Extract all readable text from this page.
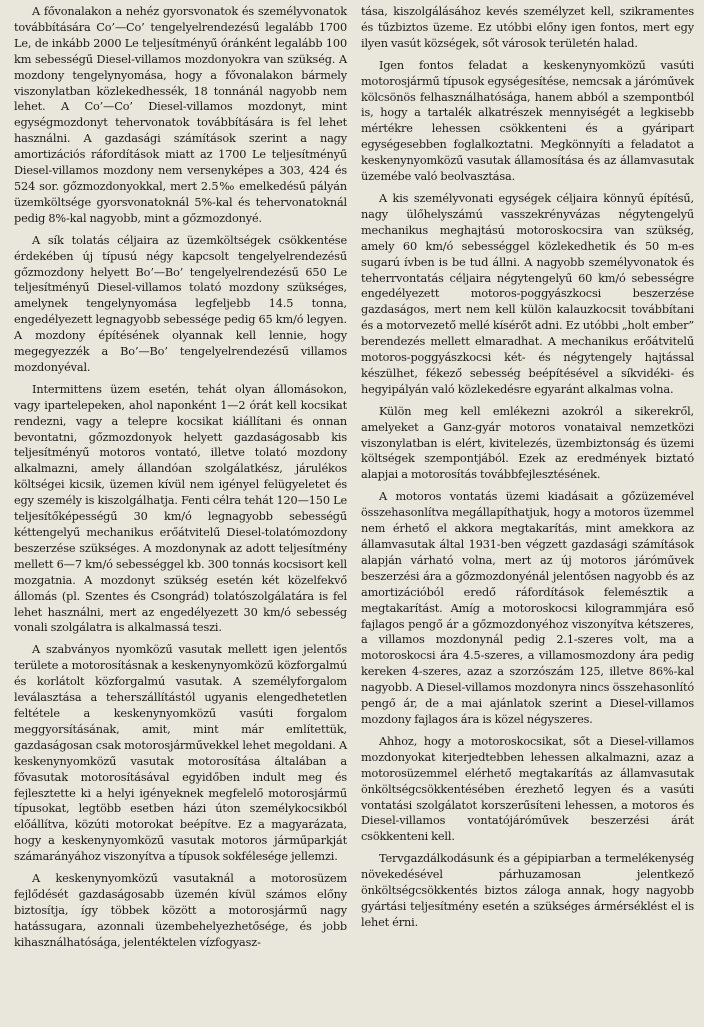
A fővonalakon a nehéz gyorsvonatok és személyvonatok továbbítására Co’—Co’ tengelyelrendezésű legalább 1700 Le, de inkább 2000 Le teljesítményű óránként legalább 100 km sebességű Diesel-villamos mozdonyokra van szükség. A mozdony tengelynyomása, hogy a fővonalakon bármely viszonylatban közlekedhessék, 18 tonnánál nagyobb nem lehet. A Co’—Co’ Diesel-villamos mozdonyt, mint egységmozdonyt tehervonatok továbbítására is fel lehet használni. A gazdasági számítások szerint a nagy amortizációs ráfordítások miatt az 1700 Le teljesítményű Diesel-villamos mozdony nem versenyképes a 303, 424 és 524 sor. gőzmozdonyokkal, mert 2.5‰ emelkedésű pályán üzemköltsége gyorsvonatoknál 5%-kal és tehervonatoknál pedig 8%-kal nagyobb, mint a gőzmozdonyé.

A sík tolatás céljaira az üzemköltségek csökkentése érdekében új típusú négy kapcsolt tengelyelrendezésű gőzmozdony helyett Bo’—Bo’ tengelyelrendezésű 650 Le teljesítményű Diesel-villamos tolató mozdony szükséges, amelynek tengelynyomása legfeljebb 14.5 tonna, engedélyezett legnagyobb sebessége pedig 65 km/ó legyen. A mozdony építésének olyannak kell lennie, hogy megegyezzék a Bo’—Bo’ tengelyelrendezésű villamos mozdonyéval.

Intermittens üzem esetén, tehát olyan állomásokon, vagy ipartelepeken, ahol naponként 1—2 órát kell kocsikat rendezni, vagy a telepre kocsikat kiállítani és onnan bevontatni, gőzmozdonyok helyett gazdaságosabb kis teljesítményű motoros vontató, illetve tolató mozdony alkalmazni, amely állandóan szolgálatkész, járulékos költségei kicsik, üzemen kívül nem igényel felügyeletet és egy személy is kiszolgálhatja. Fenti célra tehát 120—150 Le teljesítőképességű 30 km/ó legnagyobb sebességű kéttengelyű mechanikus erőátvitelű Diesel-tolatómozdony beszerzése szükséges. A mozdonynak az adott teljesítmény mellett 6—7 km/ó sebességgel kb. 300 tonnás kocsisort kell mozgatnia. A mozdonyt szükség esetén két közelfekvő állomás (pl. Szentes és Csongrád) tolatószolgálatára is fel lehet használni, mert az engedélyezett 30 km/ó sebesség vonali szolgálatra is alkalmassá teszi.

A szabványos nyomközű vasutak mellett igen jelentős területe a motorosításnak a keskenynyomközű közforgalmú és korlátolt közforgalmú vasutak. A személyforgalom leválasztása a teherszállítástól ugyanis elengedhetetlen feltétele a keskenynyomközű vasúti forgalom meggyorsításának, amit, mint már említettük, gazdaságosan csak motorosjárművekkel lehet megoldani. A keskenynyomközű vasutak motorosítása általában a fővasutak motorosításával egyidőben indult meg és fejlesztette ki a helyi igényeknek megfelelő motorosjármű típusokat, legtöbb esetben házi úton személykocsikból előállítva, közúti motorokat beépítve. Ez a magyarázata, hogy a keskenynyomközű vasutak motoros járműparkját számarányához viszonyítva a típusok sokfélesége jellemzi.

A keskenynyomközű vasutaknál a motorosüzem fejlődését gazdaságosabb üzemén kívül számos előny biztosítja, így többek között a motorosjármű nagy hatássugara, azonnali üzembehelyezhetősége, és jobb kihasználhatósága, jelentéktelen vízfogyasz-

tása, kiszolgálásához kevés személyzet kell, szikramentes és tűzbiztos üzeme. Ez utóbbi előny igen fontos, mert egy ilyen vasút községek, sőt városok területén halad.

Igen fontos feladat a keskenynyomközű vasúti motorosjármű típusok egységesítése, nemcsak a járóművek kölcsönös felhasználhatósága, hanem abból a szempontból is, hogy a tartalék alkatrészek mennyiségét a legkisebb mértékre lehessen csökkenteni és a gyáripart egységesebben foglalkoztatni. Megkönnyíti a feladatot a keskenynyomközű vasutak államosítása és az államvasutak üzemébe való beolvasztása.

A kis személyvonati egységek céljaira könnyű építésű, nagy ülőhelyszámú vasszekrényvázas négytengelyű mechanikus meghajtású motoroskocsira van szükség, amely 60 km/ó sebességgel közlekedhetik és 50 m-es sugarú ívben is be tud állni. A nagyobb személyvonatok és teherrvontatás céljaira négytengelyű 60 km/ó sebességre engedélyezett motoros-poggyászkocsi beszerzése gazdaságos, mert nem kell külön kalauzkocsit továbbítani és a motorvezető mellé kísérőt adni. Ez utóbbi „holt ember” berendezés mellett elmaradhat. A mechanikus erőátvitelű motoros-poggyászkocsi két- és négytengely hajtással készülhet, fékező sebesség beépítésével a síkvidéki- és hegyipályán való közlekedésre egyaránt alkalmas volna.

Külön meg kell emlékezni azokról a sikerekről, amelyeket a Ganz-gyár motoros vonataival nemzetközi viszonylatban is elért, kivitelezés, üzembiztonság és üzemi költségek szempontjából. Ezek az eredmények biztató alapjai a motorosítás továbbfejlesztésének.

A motoros vontatás üzemi kiadásait a gőzüzemével összehasonlítva megállapíthatjuk, hogy a motoros üzemmel nem érhető el akkora megtakarítás, mint amekkora az államvasutak által 1931-ben végzett gazdasági számítások alapján várható volna, mert az új motoros járóművek beszerzési ára a gőzmozdonyénál jelentősen nagyobb és az amortizációból eredő ráfordítások felemésztik a megtakarítást. Amíg a motoroskocsi kilogrammjára eső fajlagos pengő ár a gőzmozdonyéhoz viszonyítva kétszeres, a villamos mozdonynál pedig 2.1-szeres volt, ma a motoroskocsi ára 4.5-szeres, a villamosmozdony ára pedig kereken 4-szeres, azaz a szorzószám 125, illetve 86%-kal nagyobb. A Diesel-villamos mozdonyra nincs összehasonlító pengő ár, de a mai ajánlatok szerint a Diesel-villamos mozdony fajlagos ára is közel négyszeres.

Ahhoz, hogy a motoroskocsikat, sőt a Diesel-villamos mozdonyokat kiterjedtebben lehessen alkalmazni, azaz a motorosüzemmel elérhető megtakarítás az államvasutak önköltségcsökkentésében érezhető legyen és a vasúti vontatási szolgálatot korszerűsíteni lehessen, a motoros és Diesel-villamos vontatójáróművek beszerzési árát csökkenteni kell.

Tervgazdálkodásunk és a gépipiarban a termelékenység növekedésével párhuzamosan jelentkező önköltségcsökkentés biztos záloga annak, hogy nagyobb gyártási teljesítmény esetén a szükséges ármérséklést el is lehet érni.
